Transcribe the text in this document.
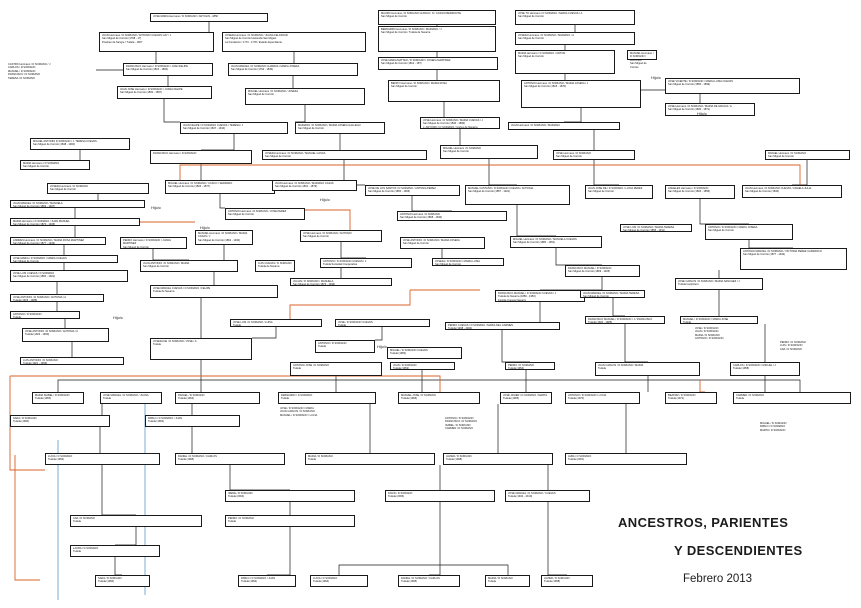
JOSE MARIA Hermano / D SORIANO / ANTOLIN - 1850
MAURO Hermano / D SORIANO GUIRAO / N / CASSIO BERROOTE
San Miguel de Corrolo
JOSE TO Hermano / D SORIANO / MARIA CUEVAS / A
San Miguel de Corrolo
JUAN Hermano / D SORIANO / ANTONIO CUEVAS CAY / J
San Miguel de Corrolo (1798 - 1?)
Pruebas de Sangre / Tudela - 180?
JOSEFA Hermano / D SORIANO / JUANA FELICIDAD
San Miguel de Corrolo Hacienda San Miguel
La Fundacion / 1770 - 1778 / Estado dependiente
BERNARDO Hermano / D SORIANO / MARIANO / J
San Miguel de Corrolo / Tudela de Navarra
JOSEFA Hermano / D SORIANO / MARIANO / A
San Miguel de Corrolo
FRANCISCO Hermano / D SORIANO / JUAN FELIPE
San Miguel de Corrolo (1810 - 1864)
JUAN MANUEL / D SORIANO GUARDIA / MARIA JOSEFA
San Miguel de Corrolo (1792 - 1840)
JOSE MARIA MATTEO / D SORIANO / JOSEFA MARTINEZ
San Miguel de Corrolo (1812 - 18?)
MARIA Hermano / D SORIANO / ANTON
San Miguel de Corrolo
MANUEL Hermano / D SORIANO / ANTONIA
San Miguel de Corrolo
CASTRO Hermano / D SORIANO / J
CARLOS / D SORIANO
MANUEL / D SORIANO
FRANCISCO / D SORIANO
TERESA / D SORIANO
JUAN JOSE Hermano / D SORIANO / JUANA FELIPE
San Miguel de Corrolo (1800 - 1857)	MIGUEL Hermano / D SORIANO / JOSEFA
San Miguel de Corrolo
BENITO Hermano / D SORIANO / MARIA ROSA
San Miguel de Corrolo
ANTONIO Hermano / D SORIANO / MARIA JOSEFA / J
San Miguel de Corrolo (1815 - 1870)
JOSE Hermano / D SORIANO / MARIA DE GRACIA / A
San Miguel de Corrolo (1830 - 1871)
JOSE VICENTE / D SORIANO / MARIA LUISA CUEVAS
San Miguel de Corrolo (1850 - 1899)
JUAN FELIPE / D SORIANO CUEVAS / TERESA / J
San Miguel de Corrolo (1847 - 1910)
MARIANO / D SORIANO / MARIA JOSEFA GALLEGO
San Miguel de Corrolo
JOSE Hermano / D SORIANO / MARIA CUEVAS / J
San Miguel de Corrolo (1840 - 1890)
J. ANTONIO / D SORIANO / Cortes de Navarra
JUAN Hermano / D SORIANO / MARIANA
MIGUEL ANTONIO D SORIANO / J. TERESA CUEVAS
San Miguel de Corrolo (1848 - 1900)
FRANCISCO Hermano / D SORIANO	JOSEFA Hermano / D SORIANO / MANUEL CASAS
San Miguel de Corrolo
MIGUEL Hermano / D SORIANO
San Miguel de Corrolo
JOSE Hermano / D SORIANO
San Miguel de Corrolo
RAFAEL Hermano / D SORIANO
San Miguel de Corrolo
MARIA Hermano / D SORIANO
San Miguel de Corrolo
JOSEFA Hermano / D SORIANO
San Miguel de Corrolo
MIGUEL Hermano / D SORIANO / CASCO / SERRANO
San Miguel de Corrolo (1820 - 1877)
JUAN Hermano / D SORIANO / MARIANO CASAS
San Miguel de Corrolo (1831 - 1879)
JOSE DE LOS SANTOS / D SORIANO / ANTONIA PEREZ
San Miguel de Corrolo (1850 - 1906)
MANUEL CASTAÑO / D SORIANO CUEVAS / ANTONIA
San Miguel de Corrolo (1857 - 1921)
JUAN JOSE DE / D SORIANO / LUCIA PEREZ
San Miguel de Corrolo
ANGELES Hermano / D SORIANO
San Miguel de Corrolo (1800 - 1856)
JUAN Hermano / D SORIANO CUEVAS / ANGELA JULIA
San Miguel de Corrolo (1840)
JUAN MANUEL / D SORIANO / MANUELA
San Miguel de Corrolo (1862 - 1927)
ANTONIO Hermano / D SORIANO / JOSE PEREZ
San Miguel de Corrolo
MARIA Hermano / D SORIANO / JUAN MANUEL
San Miguel de Corrolo (1870 - 1945)
ANTONIO Hermano / D SORIANO
San Miguel de Corrolo (1868 - 1930)
JOSE LUIS / D SORIANO / MARIA TERESA
San Miguel de Corrolo (1855 - 1911)
ANTONIO / D SORIANO / MARIA JOSEFA
San Miguel de Corrolo
ANDRES Hermano / D SORIANO / MARIA ROSA MARTINEZ
San Miguel de Corrolo (1877 - 1944)
PEDRO Hermano / D SORIANO / JUANA MARTINEZ
San Miguel de Corrolo
MANUEL Hermano / D SORIANO / MARIA CASAS / J
San Miguel de Corrolo (1862 - 1930)
JOSE Hermano / D SORIANO / ANTONIO
San Miguel de Corrolo
JOSE ANTONIO / D SORIANO / MARIA JOSEFA
San Miguel de Corrolo
MIGUEL Hermano / D SORIANO / MANUELA CUEVAS
San Miguel de Corrolo (1880 - 1951)
ANTONIO MANUEL / D SORIANO / VICTORIA PEREZ CARRASCO
San Miguel de Corrolo (1877 - 1942)
JOSE MARIA / D SORIANO / MARIA CUEVAS
San Miguel de Corrolo
JUAN ANTONIO / D SORIANO / MARIA
San Miguel de Corrolo
LUIS CUEVAS / D SORIANO
Tudela de Navarra
ANTONIO / D SORIANO CUEVAS / J.
Tudela Sociedad Cooperativa
JOSEFA / D SORIANO / MARIA LUISA
San Miguel de Corrolo
FRANCISCO MANUEL / D SORIANO
San Miguel de Corrolo (1869 - 1925)
JOSE LUIS CUEVAS / D SORIANO
San Miguel de Corrolo (1860 - 1921)
JULIAN / D SORIANO / MANUELA
San Miguel de Corrolo (1876 - 1936)
JOSE MANUEL CUEVAS / D SORIANO / FELIPE
Tudela de Navarra
JOSE CARLOS / D SORIANO / MARIA SANCHEZ / J
Tudela Carpintero
FRANCISCO MANUEL / D SORIANO CUEVAS / J
Tudela de Navarra (1880 - 1950)
Familia Cuevas Navarra
JUAN MANUEL / D SORIANO / MARIA TERESA
San Miguel de Corrolo
JOSE ANTONIO / D SORIANO / ANTONIA / A
Tudela (1915 - 1988)
ANTONIO / D SORIANO
Tudela
JOSE LUIS / D SORIANO / LUISA
Tudela
JOSE / D SORIANO CUEVAS
Tudela	PEDRO CUEVAS / D SORIANO / MARIA DEL CARMEN
Tudela (1938 - 2004)
FRANCISCO MANUEL / D SORIANO / J / FRANCISCO
Tudela (1920 - 1985)
MANUEL / D SORIANO / MARIA JOSE
Tudela
JOSE ANTONIO / D SORIANO / ANTONIA / A
Tudela (1923 - 1990)
JOSE / D SORIANO
JUAN / D SORIANO
MARIA / D SORIANO
ANTONIO / D SORIANO
PEDRO / D SORIANO
LUIS / D SORIANO
ANA / D SORIANO
JOSEFA DE / D SORIANO / JOSE / A
Tudela	ANTONIO / D SORIANO
Tudela
LUIS ANTONIO / D SORIANO
Tudela (1921 - 1999)
MIGUEL / D SORIANO CUEVAS
Tudela (1950)
ANTONIO JOSE / D SORIANO
Tudela
JUAN / D SORIANO
Tudela (1952)
PEDRO / D SORIANO
Tudela (1954)
JUAN CARLOS / D SORIANO / MARIA
Tudela
CARLOS / D SORIANO / MIGUEL / J
Tudela (1958)
MARIA ISABEL / D SORIANO
Tudela (1960)
JOSE MANUEL / D SORIANO / JUANA
Tudela
RAFAEL / D SORIANO
Tudela (1962)
FERNANDO / D SORIANO
Tudela
MANUEL JOSE / D SORIANO
Tudela (1966)
JOSE JAVIER / D SORIANO / MARTA
Tudela (1965)
ANTONIO / D SORIANO / LUCIA
Tudela (1970)
BEATRIZ / D SORIANO
Tudela (1971)
CARMEN / D SORIANO
Tudela
SARA / D SORIANO
Tudela (1990)
PABLO / D SORIANO / JUAN
Tudela (1992)
JOSE / D SORIANO / MARIA
JUAN CARLOS / D SORIANO
MANUEL / D SORIANO / LUCIA
ANTONIO / D SORIANO
FRANCISCO / D SORIANO
ISABEL / D SORIANO
CARMEN / D SORIANO
MIGUEL / D SORIANO
PABLO / D SORIANO
MARTA / D SORIANO
LUCIA / D SORIANO
Tudela (1994)
DANIEL / D SORIANO / CARLOS
Tudela (1995)
MARIA / D SORIANO
Tudela
JAVIER / D SORIANO
Tudela (1998)
ALBA / D SORIANO
Tudela (2001)
IRENE / D SORIANO
Tudela (2004)
DAVID / D SORIANO
Tudela (2006)
JOSE MANUEL / D SORIANO / CUEVAS
Tudela (1944 - 2010)
ANA / D SORIANO
Tudela
PEDRO / D SORIANO
Tudela
LAURA / D SORIANO
Tudela
SARA / D SORIANO
Tudela (1990)
PABLO / D SORIANO / JUAN
Tudela (1992)
LUCIA / D SORIANO
Tudela (1994)
DANIEL / D SORIANO / CARLOS
Tudela (1995)
MARIA / D SORIANO
Tudela
JAVIER / D SORIANO
Tudela (1998)
Hijo/c
Hijo/c
Hijo/c
Hijo/c
Hijo/c
Hijo/c
Hijo/c
ANCESTROS, PARIENTES
Y DESCENDIENTES
Febrero 2013
